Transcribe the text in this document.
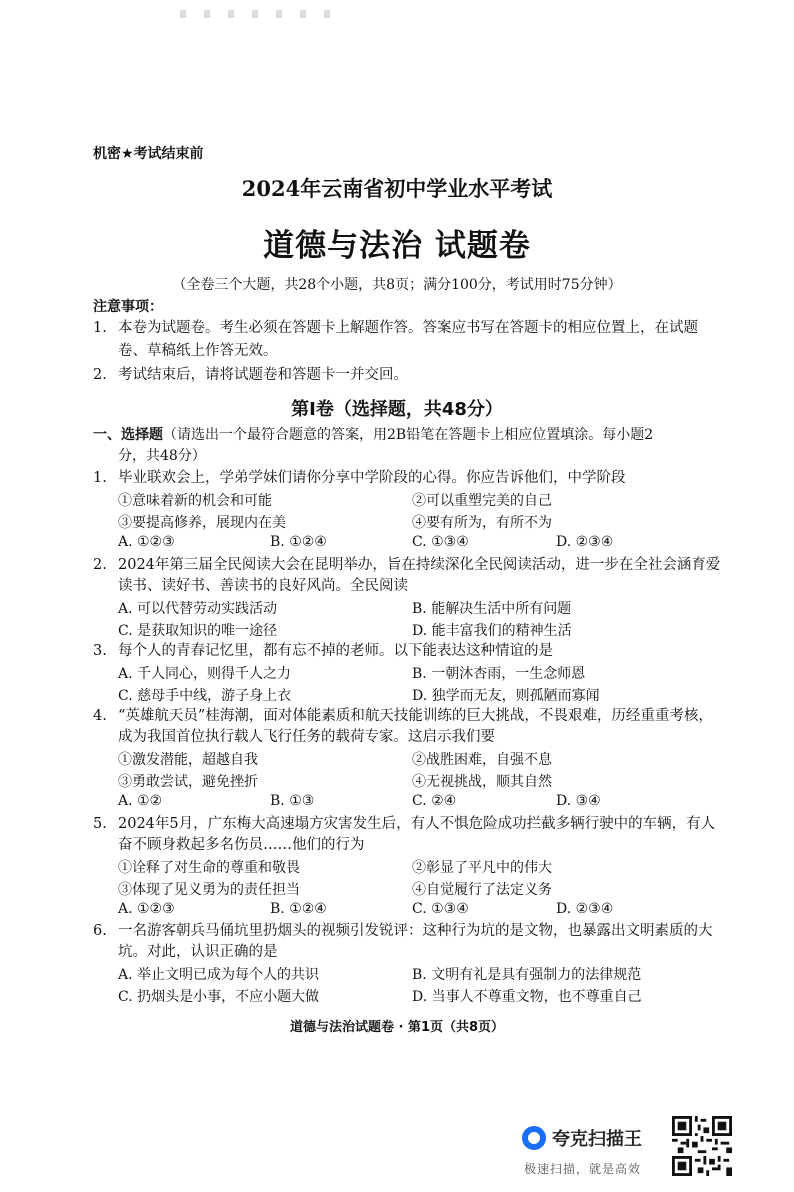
机密★考试结束前
2024年云南省初中学业水平考试
道德与法治 试题卷
（全卷三个大题，共28个小题，共8页；满分100分，考试用时75分钟）
注意事项：
1. 本卷为试题卷。考生必须在答题卡上解题作答。答案应书写在答题卡的相应位置上，在试题卷、草稿纸上作答无效。
2. 考试结束后，请将试题卷和答题卡一并交回。
第Ⅰ卷（选择题，共48分）
一、选择题（请选出一个最符合题意的答案，用2B铅笔在答题卡上相应位置填涂。每小题2
分，共48分）
1. 毕业联欢会上，学弟学妹们请你分享中学阶段的心得。你应告诉他们，中学阶段
①意味着新的机会和可能	②可以重塑完美的自己
③要提高修养，展现内在美	④要有所为，有所不为
A. ①②③	B. ①②④	C. ①③④	D. ②③④
2. 2024年第三届全民阅读大会在昆明举办，旨在持续深化全民阅读活动，进一步在全社会涵育爱读书、读好书、善读书的良好风尚。全民阅读
A. 可以代替劳动实践活动	B. 能解决生活中所有问题
C. 是获取知识的唯一途径	D. 能丰富我们的精神生活
3. 每个人的青春记忆里，都有忘不掉的老师。以下能表达这种情谊的是
A. 千人同心，则得千人之力	B. 一朝沐杏雨，一生念师恩
C. 慈母手中线，游子身上衣	D. 独学而无友，则孤陋而寡闻
4. “英雄航天员”桂海潮，面对体能素质和航天技能训练的巨大挑战，不畏艰难，历经重重考核，成为我国首位执行载人飞行任务的载荷专家。这启示我们要
①激发潜能，超越自我	②战胜困难，自强不息
③勇敢尝试，避免挫折	④无视挑战，顺其自然
A. ①②	B. ①③	C. ②④	D. ③④
5. 2024年5月，广东梅大高速塌方灾害发生后，有人不惧危险成功拦截多辆行驶中的车辆，有人奋不顾身救起多名伤员……他们的行为
①诠释了对生命的尊重和敬畏	②彰显了平凡中的伟大
③体现了见义勇为的责任担当	④自觉履行了法定义务
A. ①②③	B. ①②④	C. ①③④	D. ②③④
6. 一名游客朝兵马俑坑里扔烟头的视频引发锐评：这种行为坑的是文物，也暴露出文明素质的大坑。对此，认识正确的是
A. 举止文明已成为每个人的共识	B. 文明有礼是具有强制力的法律规范
C. 扔烟头是小事，不应小题大做	D. 当事人不尊重文物，也不尊重自己
道德与法治试题卷 · 第1页（共8页）
夸克扫描王
极速扫描，就是高效
